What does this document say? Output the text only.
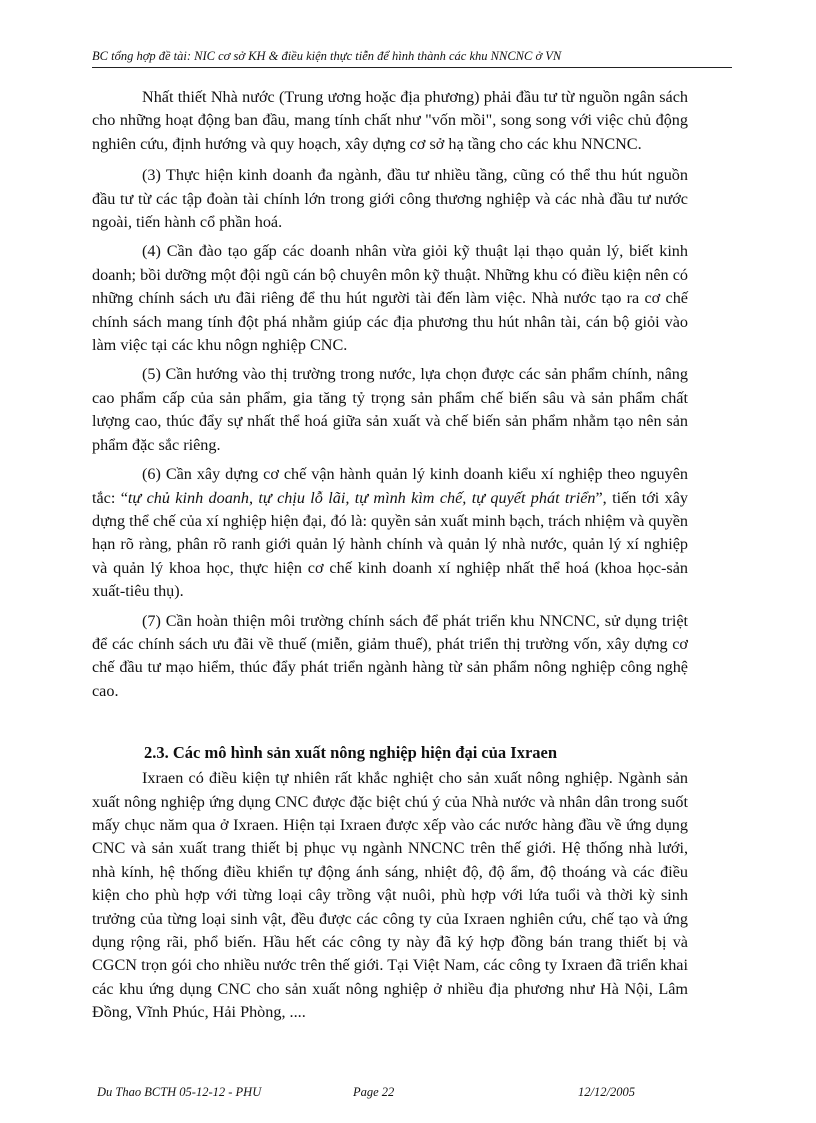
BC tổng hợp đề tài: NIC cơ sở KH & điều kiện thực tiễn để hình thành các khu NNCNC ở VN

Nhất thiết Nhà nước (Trung ương hoặc địa phương) phải đầu tư từ nguồn ngân sách cho những hoạt động ban đầu, mang tính chất như "vốn mồi", song song với việc chủ động nghiên cứu, định hướng và quy hoạch, xây dựng cơ sở hạ tầng cho các khu NNCNC.

(3) Thực hiện kinh doanh đa ngành, đầu tư nhiều tầng, cũng có thể thu hút nguồn đầu tư từ các tập đoàn tài chính lớn trong giới công thương nghiệp và các nhà đầu tư nước ngoài, tiến hành cổ phần hoá.

(4) Cần đào tạo gấp các doanh nhân vừa giỏi kỹ thuật lại thạo quản lý, biết kinh doanh; bồi dưỡng một đội ngũ cán bộ chuyên môn kỹ thuật. Những khu có điều kiện nên có những chính sách ưu đãi riêng để thu hút người tài đến làm việc. Nhà nước tạo ra cơ chế chính sách mang tính đột phá nhằm giúp các địa phương thu hút nhân tài, cán bộ giỏi vào làm việc tại các khu nôgn nghiệp CNC.

(5) Cần hướng vào thị trường trong nước, lựa chọn được các sản phẩm chính, nâng cao phẩm cấp của sản phẩm, gia tăng tỷ trọng sản phẩm chế biến sâu và sản phẩm chất lượng cao, thúc đẩy sự nhất thể hoá giữa sản xuất và chế biến sản phẩm nhằm tạo nên sản phẩm đặc sắc riêng.

(6) Cần xây dựng cơ chế vận hành quản lý kinh doanh kiểu xí nghiệp theo nguyên tắc: “tự chủ kinh doanh, tự chịu lỗ lãi, tự mình kìm chế, tự quyết phát triển”, tiến tới xây dựng thể chế của xí nghiệp hiện đại, đó là: quyền sản xuất minh bạch, trách nhiệm và quyền hạn rõ ràng, phân rõ ranh giới quản lý hành chính và quản lý nhà nước, quản lý xí nghiệp và quản lý khoa học, thực hiện cơ chế kinh doanh xí nghiệp nhất thể hoá (khoa học-sản xuất-tiêu thụ).

(7) Cần hoàn thiện môi trường chính sách để phát triển khu NNCNC, sử dụng triệt để các chính sách ưu đãi về thuế (miễn, giảm thuế), phát triển thị trường vốn, xây dựng cơ chế đầu tư mạo hiểm, thúc đẩy phát triển ngành hàng từ sản phẩm nông nghiệp công nghệ cao.

2.3. Các mô hình sản xuất nông nghiệp hiện đại của Ixraen

Ixraen có điều kiện tự nhiên rất khắc nghiệt cho sản xuất nông nghiệp. Ngành sản xuất nông nghiệp ứng dụng CNC được đặc biệt chú ý của Nhà nước và nhân dân trong suốt mấy chục năm qua ở Ixraen. Hiện tại Ixraen được xếp vào các nước hàng đầu về ứng dụng CNC và sản xuất trang thiết bị phục vụ ngành NNCNC trên thế giới. Hệ thống nhà lưới, nhà kính, hệ thống điều khiển tự động ánh sáng, nhiệt độ, độ ẩm, độ thoáng và các điều kiện cho phù hợp với từng loại cây trồng vật nuôi, phù hợp với lứa tuổi và thời kỳ sinh trưởng của từng loại sinh vật, đều được các công ty của Ixraen nghiên cứu, chế tạo và ứng dụng rộng rãi, phổ biến. Hầu hết các công ty này đã ký hợp đồng bán trang thiết bị và CGCN trọn gói cho nhiều nước trên thế giới. Tại Việt Nam, các công ty Ixraen đã triển khai các khu ứng dụng CNC cho sản xuất nông nghiệp ở nhiều địa phương như Hà Nội, Lâm Đồng, Vĩnh Phúc, Hải Phòng, ....

Du Thao BCTH 05-12-12 - PHU	Page 22	12/12/2005
